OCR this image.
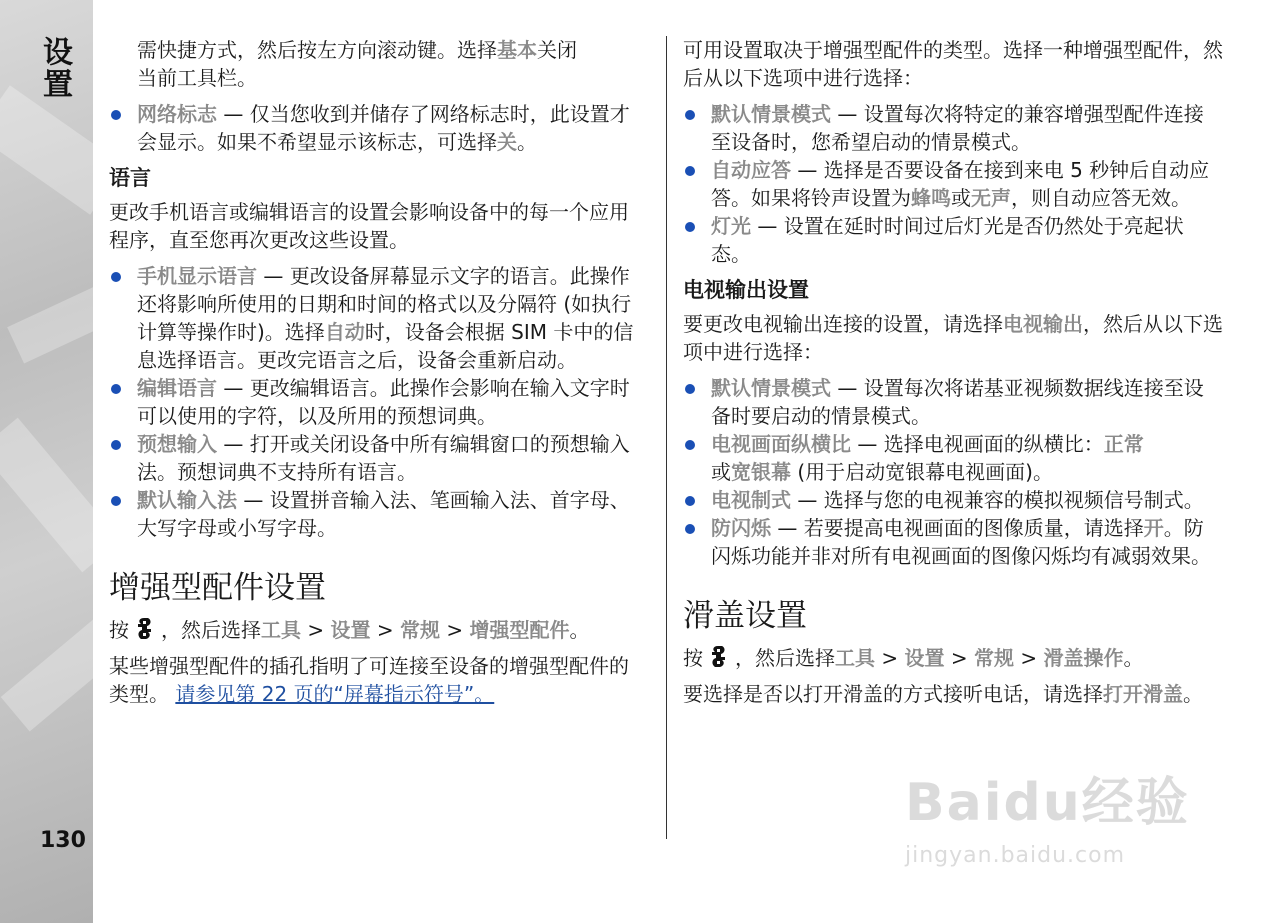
设置
130

需快捷方式，然后按左方向滚动键。选择基本关闭
当前工具栏。

网络标志 — 仅当您收到并储存了网络标志时，此设置才会显示。如果不希望显示该标志，可选择关。

语言

更改手机语言或编辑语言的设置会影响设备中的每一个应用程序，直至您再次更改这些设置。

手机显示语言 — 更改设备屏幕显示文字的语言。此操作还将影响所使用的日期和时间的格式以及分隔符 (如执行计算等操作时)。选择自动时，设备会根据 SIM 卡中的信息选择语言。更改完语言之后，设备会重新启动。
编辑语言 — 更改编辑语言。此操作会影响在输入文字时可以使用的字符，以及所用的预想词典。
预想输入 — 打开或关闭设备中所有编辑窗口的预想输入法。预想词典不支持所有语言。
默认输入法 — 设置拼音输入法、笔画输入法、首字母、大写字母或小写字母。
增强型配件设置

按 ，然后选择工具 > 设置 > 常规 > 增强型配件。

某些增强型配件的插孔指明了可连接至设备的增强型配件的类型。 请参见第 22 页的“屏幕指示符号”。

可用设置取决于增强型配件的类型。选择一种增强型配件，然后从以下选项中进行选择：

默认情景模式 — 设置每次将特定的兼容增强型配件连接至设备时，您希望启动的情景模式。
自动应答 — 选择是否要设备在接到来电 5 秒钟后自动应答。如果将铃声设置为蜂鸣或无声，则自动应答无效。
灯光 — 设置在延时时间过后灯光是否仍然处于亮起状态。

电视输出设置

要更改电视输出连接的设置，请选择电视输出，然后从以下选项中进行选择：

默认情景模式 — 设置每次将诺基亚视频数据线连接至设备时要启动的情景模式。
电视画面纵横比 — 选择电视画面的纵横比：正常
或宽银幕 (用于启动宽银幕电视画面)。
电视制式 — 选择与您的电视兼容的模拟视频信号制式。
防闪烁 — 若要提高电视画面的图像质量，请选择开。防闪烁功能并非对所有电视画面的图像闪烁均有减弱效果。
滑盖设置

按 ，然后选择工具 > 设置 > 常规 > 滑盖操作。

要选择是否以打开滑盖的方式接听电话，请选择打开滑盖。

Baidu经验
jingyan.baidu.com
